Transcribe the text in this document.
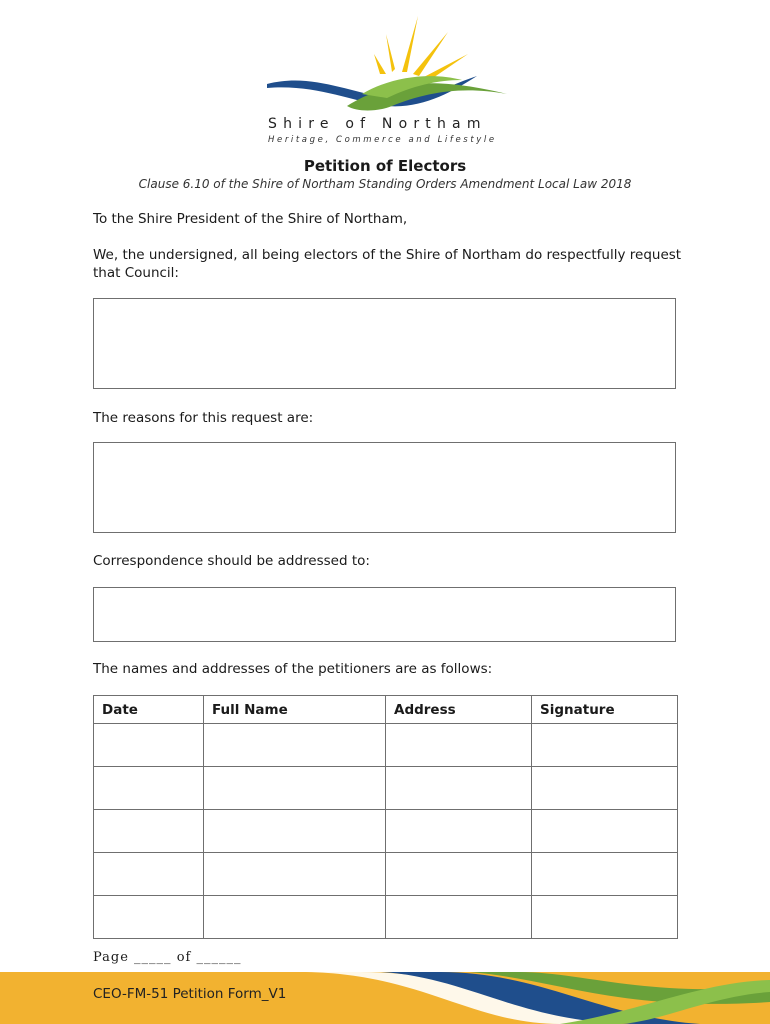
Shire of Northam
Heritage, Commerce and Lifestyle
Petition of Electors
Clause 6.10 of the Shire of Northam Standing Orders Amendment Local Law 2018
To the Shire President of the Shire of Northam,
We, the undersigned, all being electors of the Shire of Northam do respectfully request that Council:
The reasons for this request are:
Correspondence should be addressed to:
The names and addresses of the petitioners are as follows:
Date	Full Name	Address	Signature

Page _____ of ______
CEO-FM-51 Petition Form_V1
